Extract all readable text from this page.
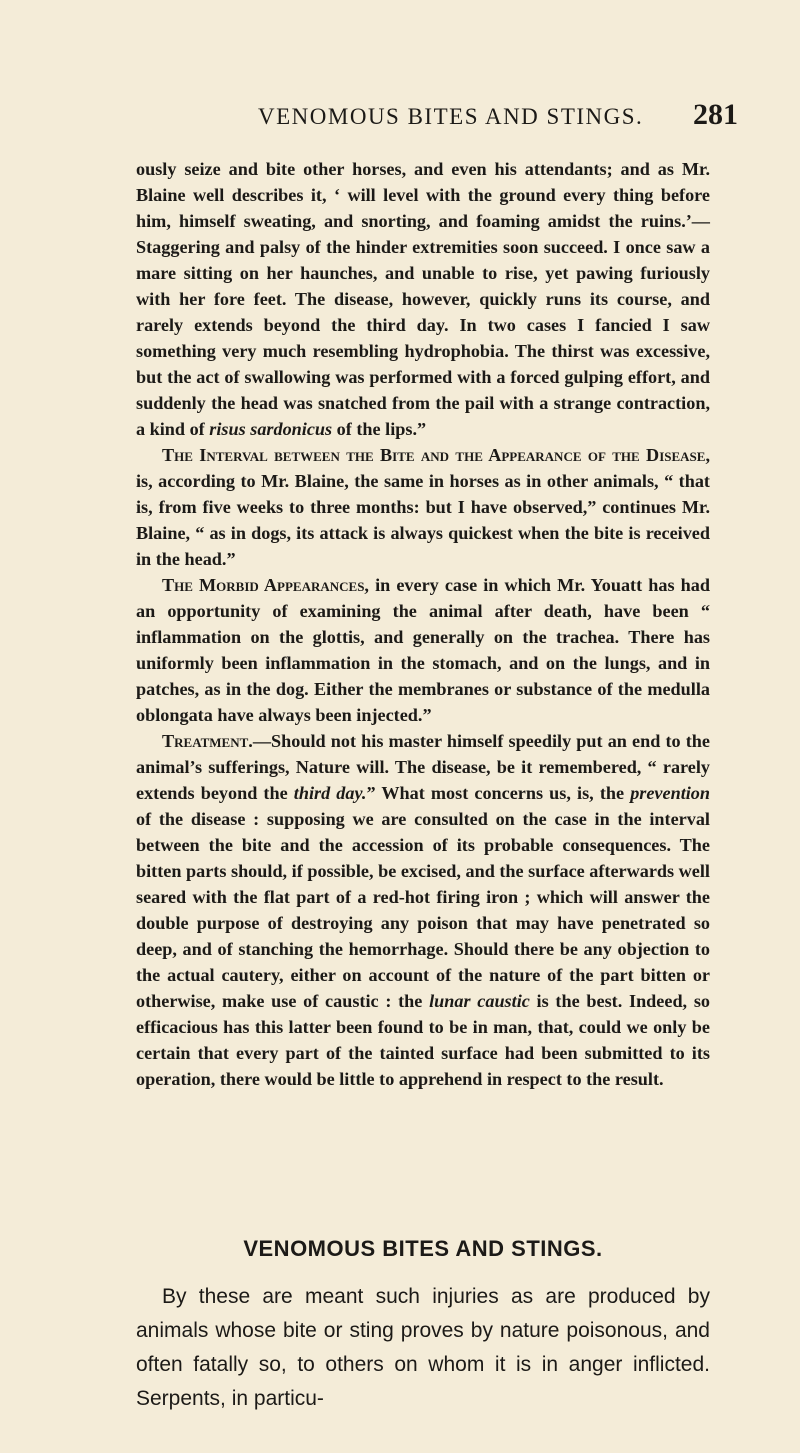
VENOMOUS BITES AND STINGS. 281

ously seize and bite other horses, and even his attendants; and as Mr. Blaine well describes it, ‘ will level with the ground every thing before him, himself sweating, and snorting, and foaming amidst the ruins.’—Staggering and palsy of the hinder extremities soon succeed. I once saw a mare sitting on her haunches, and unable to rise, yet pawing furiously with her fore feet. The disease, however, quickly runs its course, and rarely extends beyond the third day. In two cases I fancied I saw something very much resembling hydrophobia. The thirst was excessive, but the act of swallowing was performed with a forced gulping effort, and suddenly the head was snatched from the pail with a strange contraction, a kind of risus sardonicus of the lips.”

The Interval between the Bite and the Appearance of the Disease, is, according to Mr. Blaine, the same in horses as in other animals, “ that is, from five weeks to three months: but I have observed,” continues Mr. Blaine, “ as in dogs, its attack is always quickest when the bite is received in the head.”

The Morbid Appearances, in every case in which Mr. Youatt has had an opportunity of examining the animal after death, have been “ inflammation on the glottis, and generally on the trachea. There has uniformly been inflammation in the stomach, and on the lungs, and in patches, as in the dog. Either the membranes or substance of the medulla oblongata have always been injected.”

Treatment.—Should not his master himself speedily put an end to the animal’s sufferings, Nature will. The disease, be it remembered, “ rarely extends beyond the third day.” What most concerns us, is, the prevention of the disease : supposing we are consulted on the case in the interval between the bite and the accession of its probable consequences. The bitten parts should, if possible, be excised, and the surface afterwards well seared with the flat part of a red-hot firing iron ; which will answer the double purpose of destroying any poison that may have penetrated so deep, and of stanching the hemorrhage. Should there be any objection to the actual cautery, either on account of the nature of the part bitten or otherwise, make use of caustic : the lunar caustic is the best. Indeed, so efficacious has this latter been found to be in man, that, could we only be certain that every part of the tainted surface had been submitted to its operation, there would be little to apprehend in respect to the result.

VENOMOUS BITES AND STINGS.

By these are meant such injuries as are produced by animals whose bite or sting proves by nature poisonous, and often fatally so, to others on whom it is in anger inflicted. Serpents, in particu-
